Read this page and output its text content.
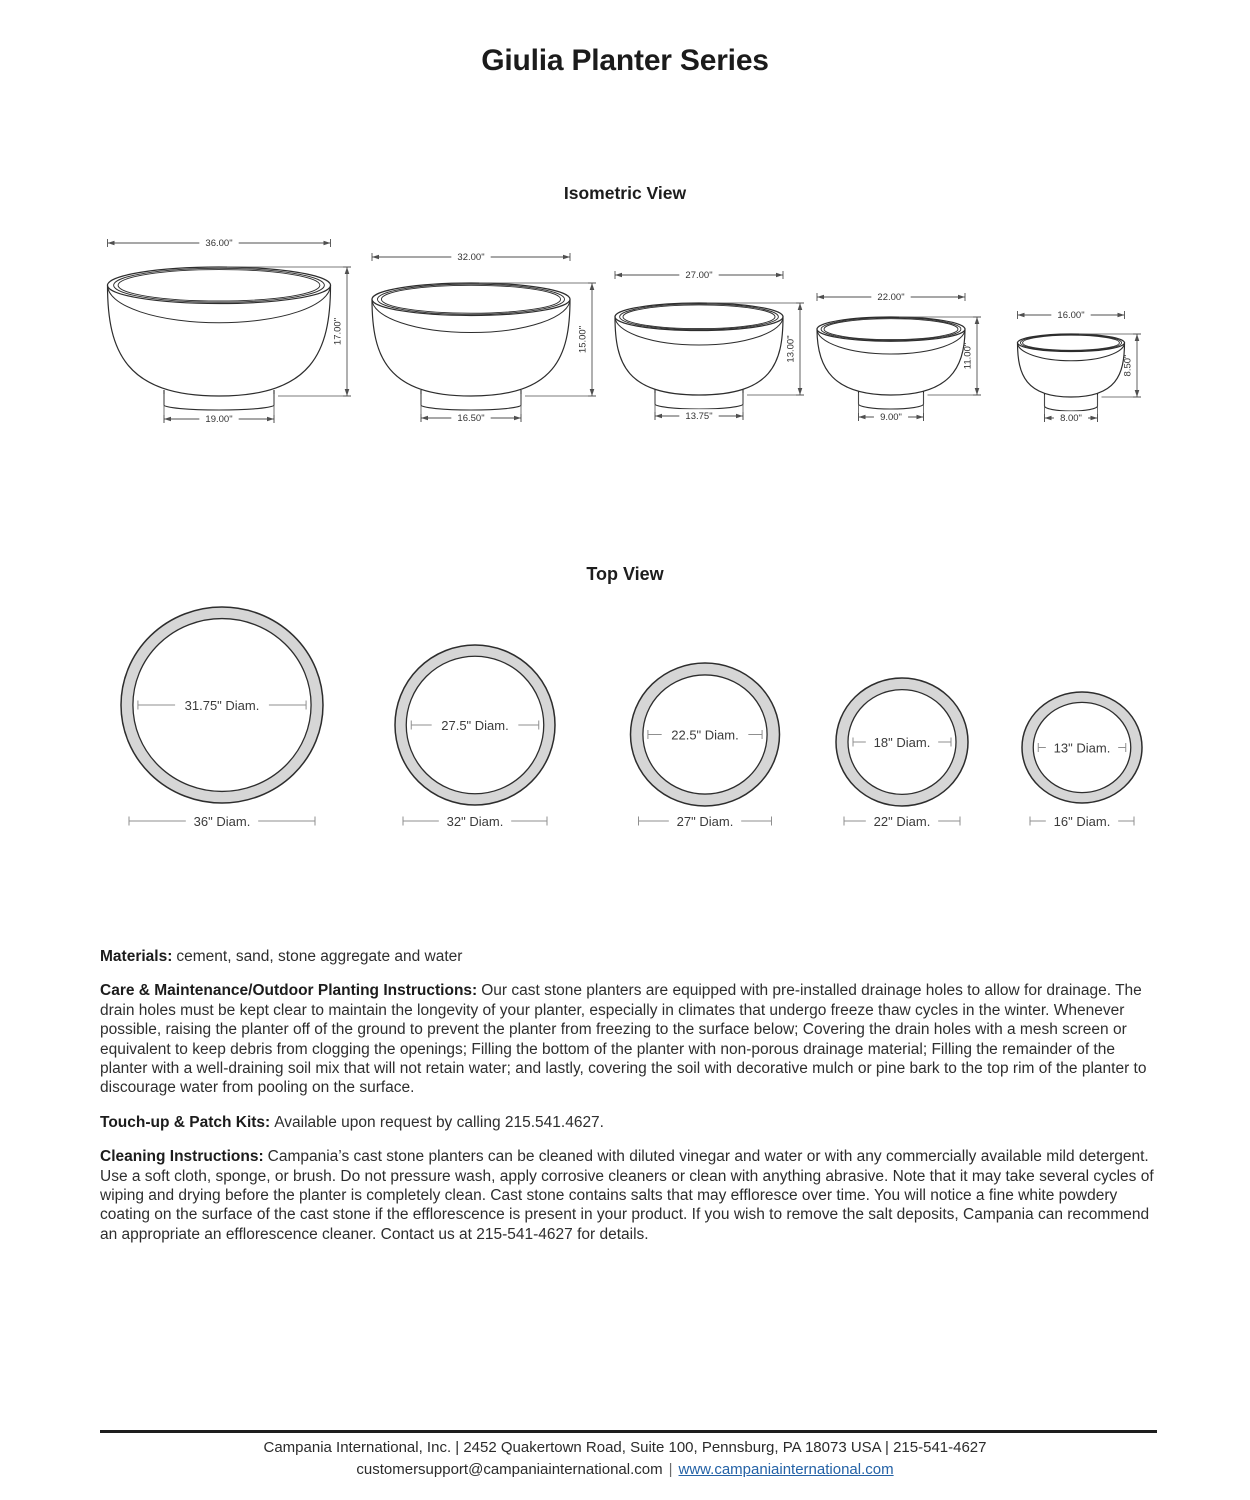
Giulia Planter Series
Isometric View
36.00"
17.00"
19.00"
32.00"
15.00"
16.50"
27.00"
13.00"
13.75"
22.00"
11.00"
9.00"
16.00"
8.50"
8.00"
Top View
31.75" Diam.
36" Diam.
27.5" Diam.
32" Diam.
22.5" Diam.
27" Diam.
18" Diam.
22" Diam.
13" Diam.
16" Diam.

Materials: cement, sand, stone aggregate and water

Care & Maintenance/Outdoor Planting Instructions: Our cast stone planters are equipped with pre-installed drainage holes to allow for drainage. The drain holes must be kept clear to maintain the longevity of your planter, especially in climates that undergo freeze thaw cycles in the winter. Whenever possible, raising the planter off of the ground to prevent the planter from freezing to the surface below; Covering the drain holes with a mesh screen or equivalent to keep debris from clogging the openings; Filling the bottom of the planter with non-porous drainage material; Filling the remainder of the planter with a well-draining soil mix that will not retain water; and lastly, covering the soil with decorative mulch or pine bark to the top rim of the planter to discourage water from pooling on the surface.

Touch-up & Patch Kits: Available upon request by calling 215.541.4627.

Cleaning Instructions: Campania’s cast stone planters can be cleaned with diluted vinegar and water or with any commercially available mild detergent. Use a soft cloth, sponge, or brush. Do not pressure wash, apply corrosive cleaners or clean with anything abrasive. Note that it may take several cycles of wiping and drying before the planter is completely clean. Cast stone contains salts that may effloresce over time. You will notice a fine white powdery coating on the surface of the cast stone if the efflorescence is present in your product. If you wish to remove the salt deposits, Campania can recommend an appropriate an efflorescence cleaner. Contact us at 215-541-4627 for details.

Campania International, Inc. | 2452 Quakertown Road, Suite 100, Pennsburg, PA 18073 USA | 215-541-4627
customersupport@campaniainternational.com | www.campaniainternational.com
